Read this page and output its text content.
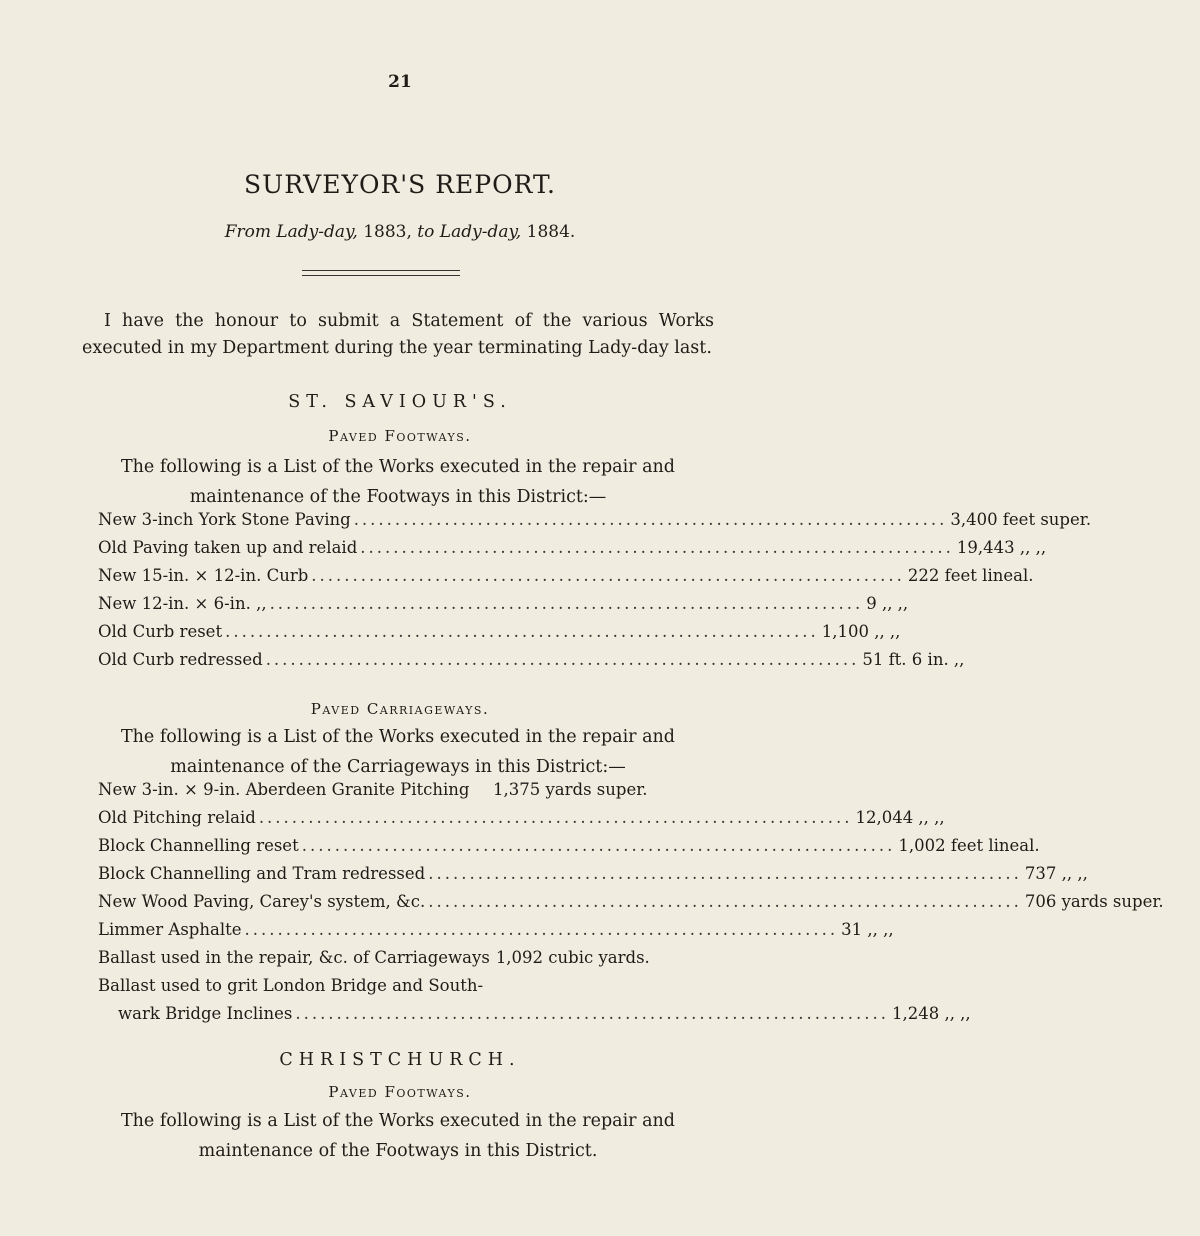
21
SURVEYOR'S REPORT.
From Lady-day, 1883, to Lady-day, 1884.
I have the honour to submit a Statement of the various Works executed in my Department during the year terminating Lady-day last.
ST. SAVIOUR'S.
Paved Footways.
The following is a List of the Works executed in the repair and maintenance of the Footways in this District:—
New 3-inch York Stone Paving ........................................................................ 3,400 feet super.
Old Paving taken up and relaid ........................................................................ 19,443 ,, ,,
New 15-in. × 12-in. Curb ........................................................................ 222 feet lineal.
New 12-in. × 6-in. ,, ........................................................................ 9 ,, ,,
Old Curb reset ........................................................................ 1,100 ,, ,,
Old Curb redressed ........................................................................ 51 ft. 6 in. ,,
Paved Carriageways.
The following is a List of the Works executed in the repair and maintenance of the Carriageways in this District:—
New 3-in. × 9-in. Aberdeen Granite Pitching 1,375 yards super.
Old Pitching relaid ........................................................................ 12,044 ,, ,,
Block Channelling reset ........................................................................ 1,002 feet lineal.
Block Channelling and Tram redressed ........................................................................ 737 ,, ,,
New Wood Paving, Carey's system, &c. ........................................................................ 706 yards super.
Limmer Asphalte ........................................................................ 31 ,, ,,
Ballast used in the repair, &c. of Carriageways 1,092 cubic yards.
Ballast used to grit London Bridge and South-
wark Bridge Inclines ........................................................................ 1,248 ,, ,,
CHRISTCHURCH.
Paved Footways.
The following is a List of the Works executed in the repair and maintenance of the Footways in this District.
